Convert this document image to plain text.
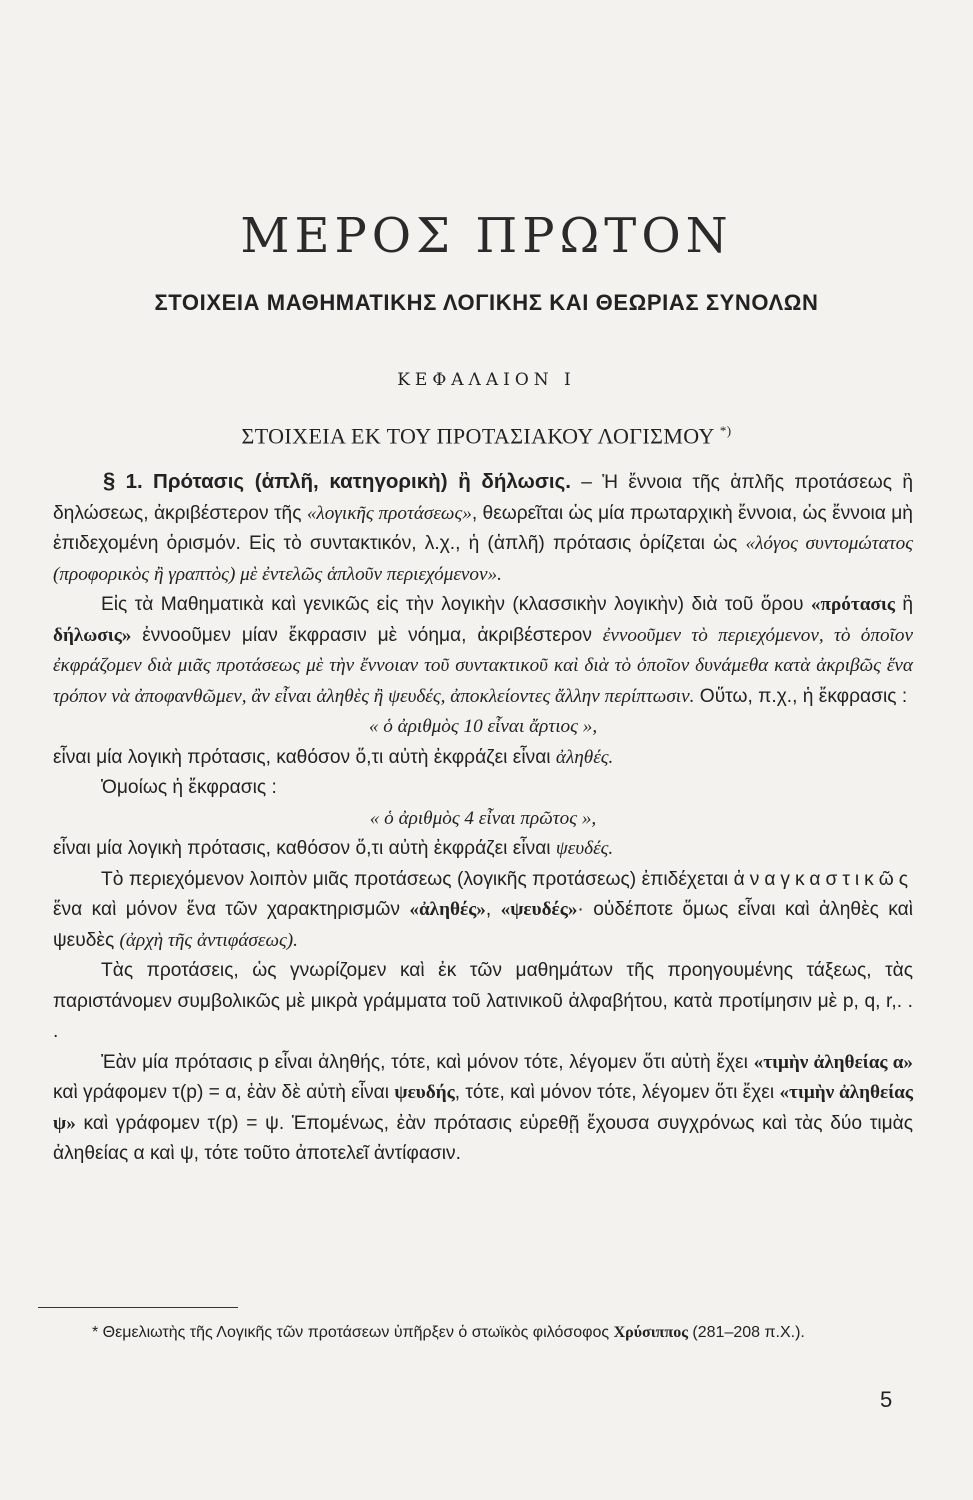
ΜΕΡΟΣ ΠΡΩΤΟΝ
ΣΤΟΙΧΕΙΑ ΜΑΘΗΜΑΤΙΚΗΣ ΛΟΓΙΚΗΣ ΚΑΙ ΘΕΩΡΙΑΣ ΣΥΝΟΛΩΝ
ΚΕΦΑΛΑΙΟΝ Ι
ΣΤΟΙΧΕΙΑ ΕΚ ΤΟΥ ΠΡΟΤΑΣΙΑΚΟΥ ΛΟΓΙΣΜΟΥ *)

§ 1. Πρότασις (ἁπλῆ, κατηγορικὴ) ἢ δήλωσις. – Ἡ ἔννοια τῆς ἁπλῆς προτάσεως ἢ δηλώσεως, ἀκριβέστερον τῆς «λογικῆς προτάσεως», θεωρεῖται ὡς μία πρωταρχικὴ ἔννοια, ὡς ἔννοια μὴ ἐπιδεχομένη ὁρισμόν. Εἰς τὸ συντακτικόν, λ.χ., ἡ (ἁπλῆ) πρότασις ὁρίζεται ὡς «λόγος συντομώτατος (προφορικὸς ἢ γραπτὸς) μὲ ἐντελῶς ἁπλοῦν περιεχόμενον».

Εἰς τὰ Μαθηματικὰ καὶ γενικῶς εἰς τὴν λογικὴν (κλασσικὴν λογικὴν) διὰ τοῦ ὅρου «πρότασις ἢ δήλωσις» ἐννοοῦμεν μίαν ἔκφρασιν μὲ νόημα, ἀκριβέστερον ἐννοοῦμεν τὸ περιεχόμενον, τὸ ὁποῖον ἐκφράζομεν διὰ μιᾶς προτάσεως μὲ τὴν ἔννοιαν τοῦ συντακτικοῦ καὶ διὰ τὸ ὁποῖον δυνάμεθα κατὰ ἀκριβῶς ἕνα τρόπον νὰ ἀποφανθῶμεν, ἂν εἶναι ἀληθὲς ἢ ψευδές, ἀποκλείοντες ἄλλην περίπτωσιν. Οὕτω, π.χ., ἡ ἔκφρασις :

« ὁ ἀριθμὸς 10 εἶναι ἄρτιος »,

εἶναι μία λογικὴ πρότασις, καθόσον ὅ,τι αὐτὴ ἐκφράζει εἶναι ἀληθές.

Ὁμοίως ἡ ἔκφρασις :

« ὁ ἀριθμὸς 4 εἶναι πρῶτος »,

εἶναι μία λογικὴ πρότασις, καθόσον ὅ,τι αὐτὴ ἐκφράζει εἶναι ψευδές.

Τὸ περιεχόμενον λοιπὸν μιᾶς προτάσεως (λογικῆς προτάσεως) ἐπιδέχεται ἀναγκαστικῶς ἕνα καὶ μόνον ἕνα τῶν χαρακτηρισμῶν «ἀληθές», «ψευδές»· οὐδέποτε ὅμως εἶναι καὶ ἀληθὲς καὶ ψευδὲς (ἀρχὴ τῆς ἀντιφάσεως).

Τὰς προτάσεις, ὡς γνωρίζομεν καὶ ἐκ τῶν μαθημάτων τῆς προηγουμένης τάξεως, τὰς παριστάνομεν συμβολικῶς μὲ μικρὰ γράμματα τοῦ λατινικοῦ ἀλφαβήτου, κατὰ προτίμησιν μὲ p, q, r,. . .

Ἐὰν μία πρότασις p εἶναι ἀληθής, τότε, καὶ μόνον τότε, λέγομεν ὅτι αὐτὴ ἔχει «τιμὴν ἀληθείας α» καὶ γράφομεν τ(p) = α, ἐὰν δὲ αὐτὴ εἶναι ψευδής, τότε, καὶ μόνον τότε, λέγομεν ὅτι ἔχει «τιμὴν ἀληθείας ψ» καὶ γράφομεν τ(p) = ψ. Ἑπομένως, ἐὰν πρότασις εὑρεθῇ ἔχουσα συγχρόνως καὶ τὰς δύο τιμὰς ἀληθείας α καὶ ψ, τότε τοῦτο ἀποτελεῖ ἀντίφασιν.

* Θεμελιωτὴς τῆς Λογικῆς τῶν προτάσεων ὑπῆρξεν ὁ στωϊκὸς φιλόσοφος Χρύσιππος (281–208 π.Χ.).
5
